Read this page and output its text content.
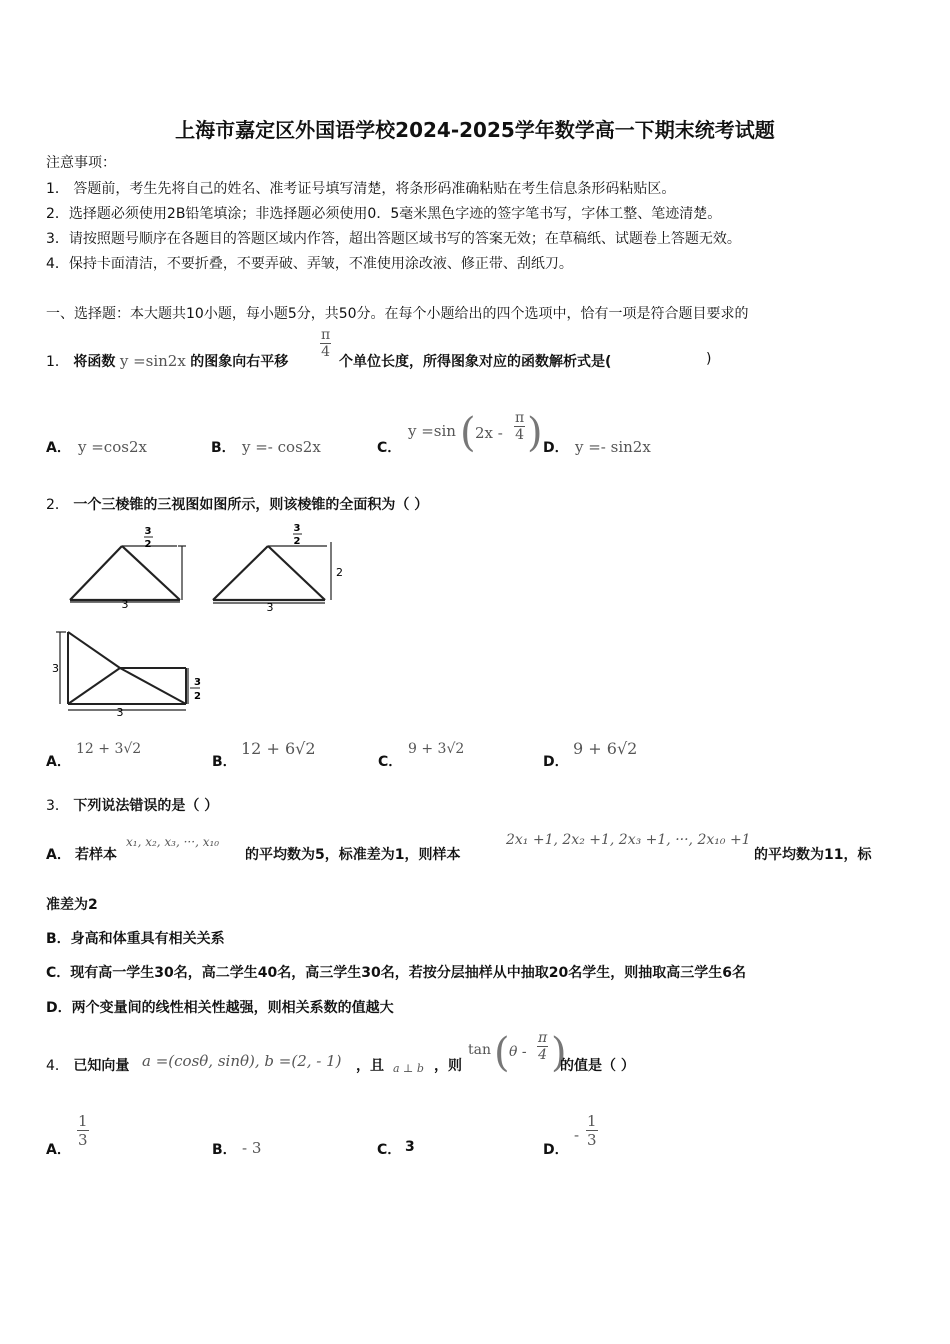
上海市嘉定区外国语学校2024-2025学年数学高一下期末统考试题
注意事项：
1． 答题前，考生先将自己的姓名、准考证号填写清楚，将条形码准确粘贴在考生信息条形码粘贴区。
2．选择题必须使用2B铅笔填涂；非选择题必须使用0．5毫米黑色字迹的签字笔书写，字体工整、笔迹清楚。
3．请按照题号顺序在各题目的答题区域内作答，超出答题区域书写的答案无效；在草稿纸、试题卷上答题无效。
4．保持卡面清洁，不要折叠，不要弄破、弄皱，不准使用涂改液、修正带、刮纸刀。
一、选择题：本大题共10小题，每小题5分，共50分。在每个小题给出的四个选项中，恰有一项是符合题目要求的
1． 将函数 y =sin2x 的图象向右平移
$\frac{\pi}{4}$
个单位长度，所得图象对应的函数解析式是(	)
A． y =cos2x	B． y =- cos2x	C．
y =sin ( $2x - \frac{\pi}{4}$ ) D． y =- sin2x
2． 一个三棱锥的三视图如图所示，则该棱锥的全面积为（ ）
3
2
3
3
2
2
3
3
3
3
2
A．
12 + 3√2
B．
12 + 6√2
C．
9 + 3√2
D．
9 + 6√2
3． 下列说法错误的是（ ）
A． 若样本
x₁, x₂, x₃, ···, x₁₀
的平均数为5，标准差为1，则样本
2x₁ +1, 2x₂ +1, 2x₃ +1, ···, 2x₁₀ +1
的平均数为11，标
准差为2
B．身高和体重具有相关关系
C．现有高一学生30名，高二学生40名，高三学生30名，若按分层抽样从中抽取20名学生，则抽取高三学生6名
D．两个变量间的线性相关性越强，则相关系数的值越大
4． 已知向量 a =(cosθ, sinθ), b =(2, - 1) ，且 a ⊥ b ，则
tan ( θ - $\frac{\pi}{4}$ )
的值是（ ）
A．
$\frac{1}{3}$
B． - 3	C． 3	D．
- $\frac{1}{3}$
